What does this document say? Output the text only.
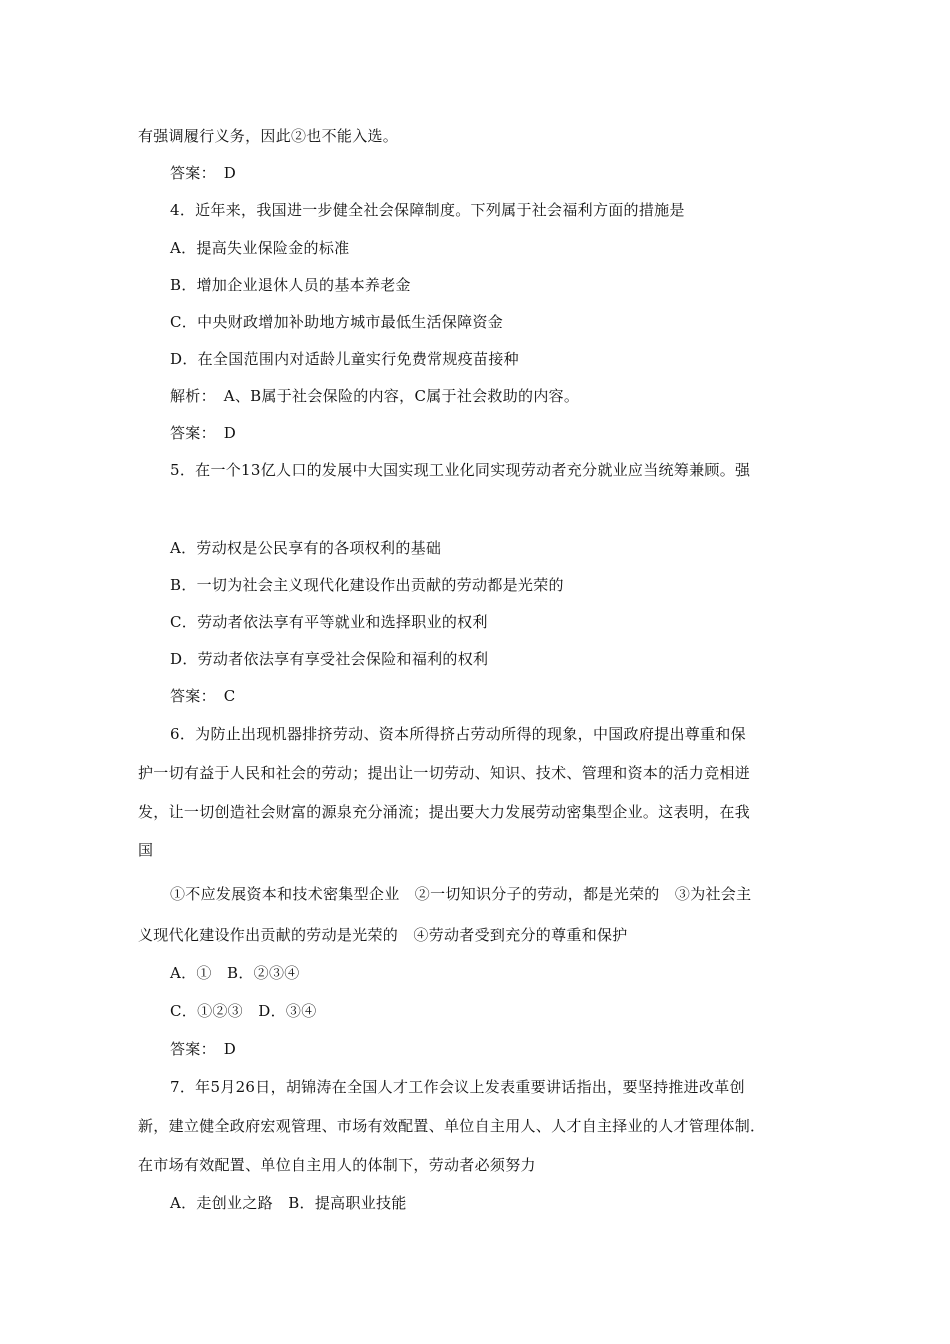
有强调履行义务，因此②也不能入选。
答案：　D
4．近年来，我国进一步健全社会保障制度。下列属于社会福利方面的措施是
A．提高失业保险金的标准
B．增加企业退休人员的基本养老金
C．中央财政增加补助地方城市最低生活保障资金
D．在全国范围内对适龄儿童实行免费常规疫苗接种
解析：　A、B属于社会保险的内容，C属于社会救助的内容。
答案：　D
5．在一个13亿人口的发展中大国实现工业化同实现劳动者充分就业应当统筹兼顾。强
A．劳动权是公民享有的各项权利的基础
B．一切为社会主义现代化建设作出贡献的劳动都是光荣的
C．劳动者依法享有平等就业和选择职业的权利
D．劳动者依法享有享受社会保险和福利的权利
答案：　C
6．为防止出现机器排挤劳动、资本所得挤占劳动所得的现象，中国政府提出尊重和保
护一切有益于人民和社会的劳动；提出让一切劳动、知识、技术、管理和资本的活力竞相迸
发，让一切创造社会财富的源泉充分涌流；提出要大力发展劳动密集型企业。这表明，在我
国
①不应发展资本和技术密集型企业　②一切知识分子的劳动，都是光荣的　③为社会主
义现代化建设作出贡献的劳动是光荣的　④劳动者受到充分的尊重和保护
A．①　B．②③④
C．①②③　D．③④
答案：　D
7．年5月26日，胡锦涛在全国人才工作会议上发表重要讲话指出，要坚持推进改革创
新，建立健全政府宏观管理、市场有效配置、单位自主用人、人才自主择业的人才管理体制．
在市场有效配置、单位自主用人的体制下，劳动者必须努力
A．走创业之路　B．提高职业技能
